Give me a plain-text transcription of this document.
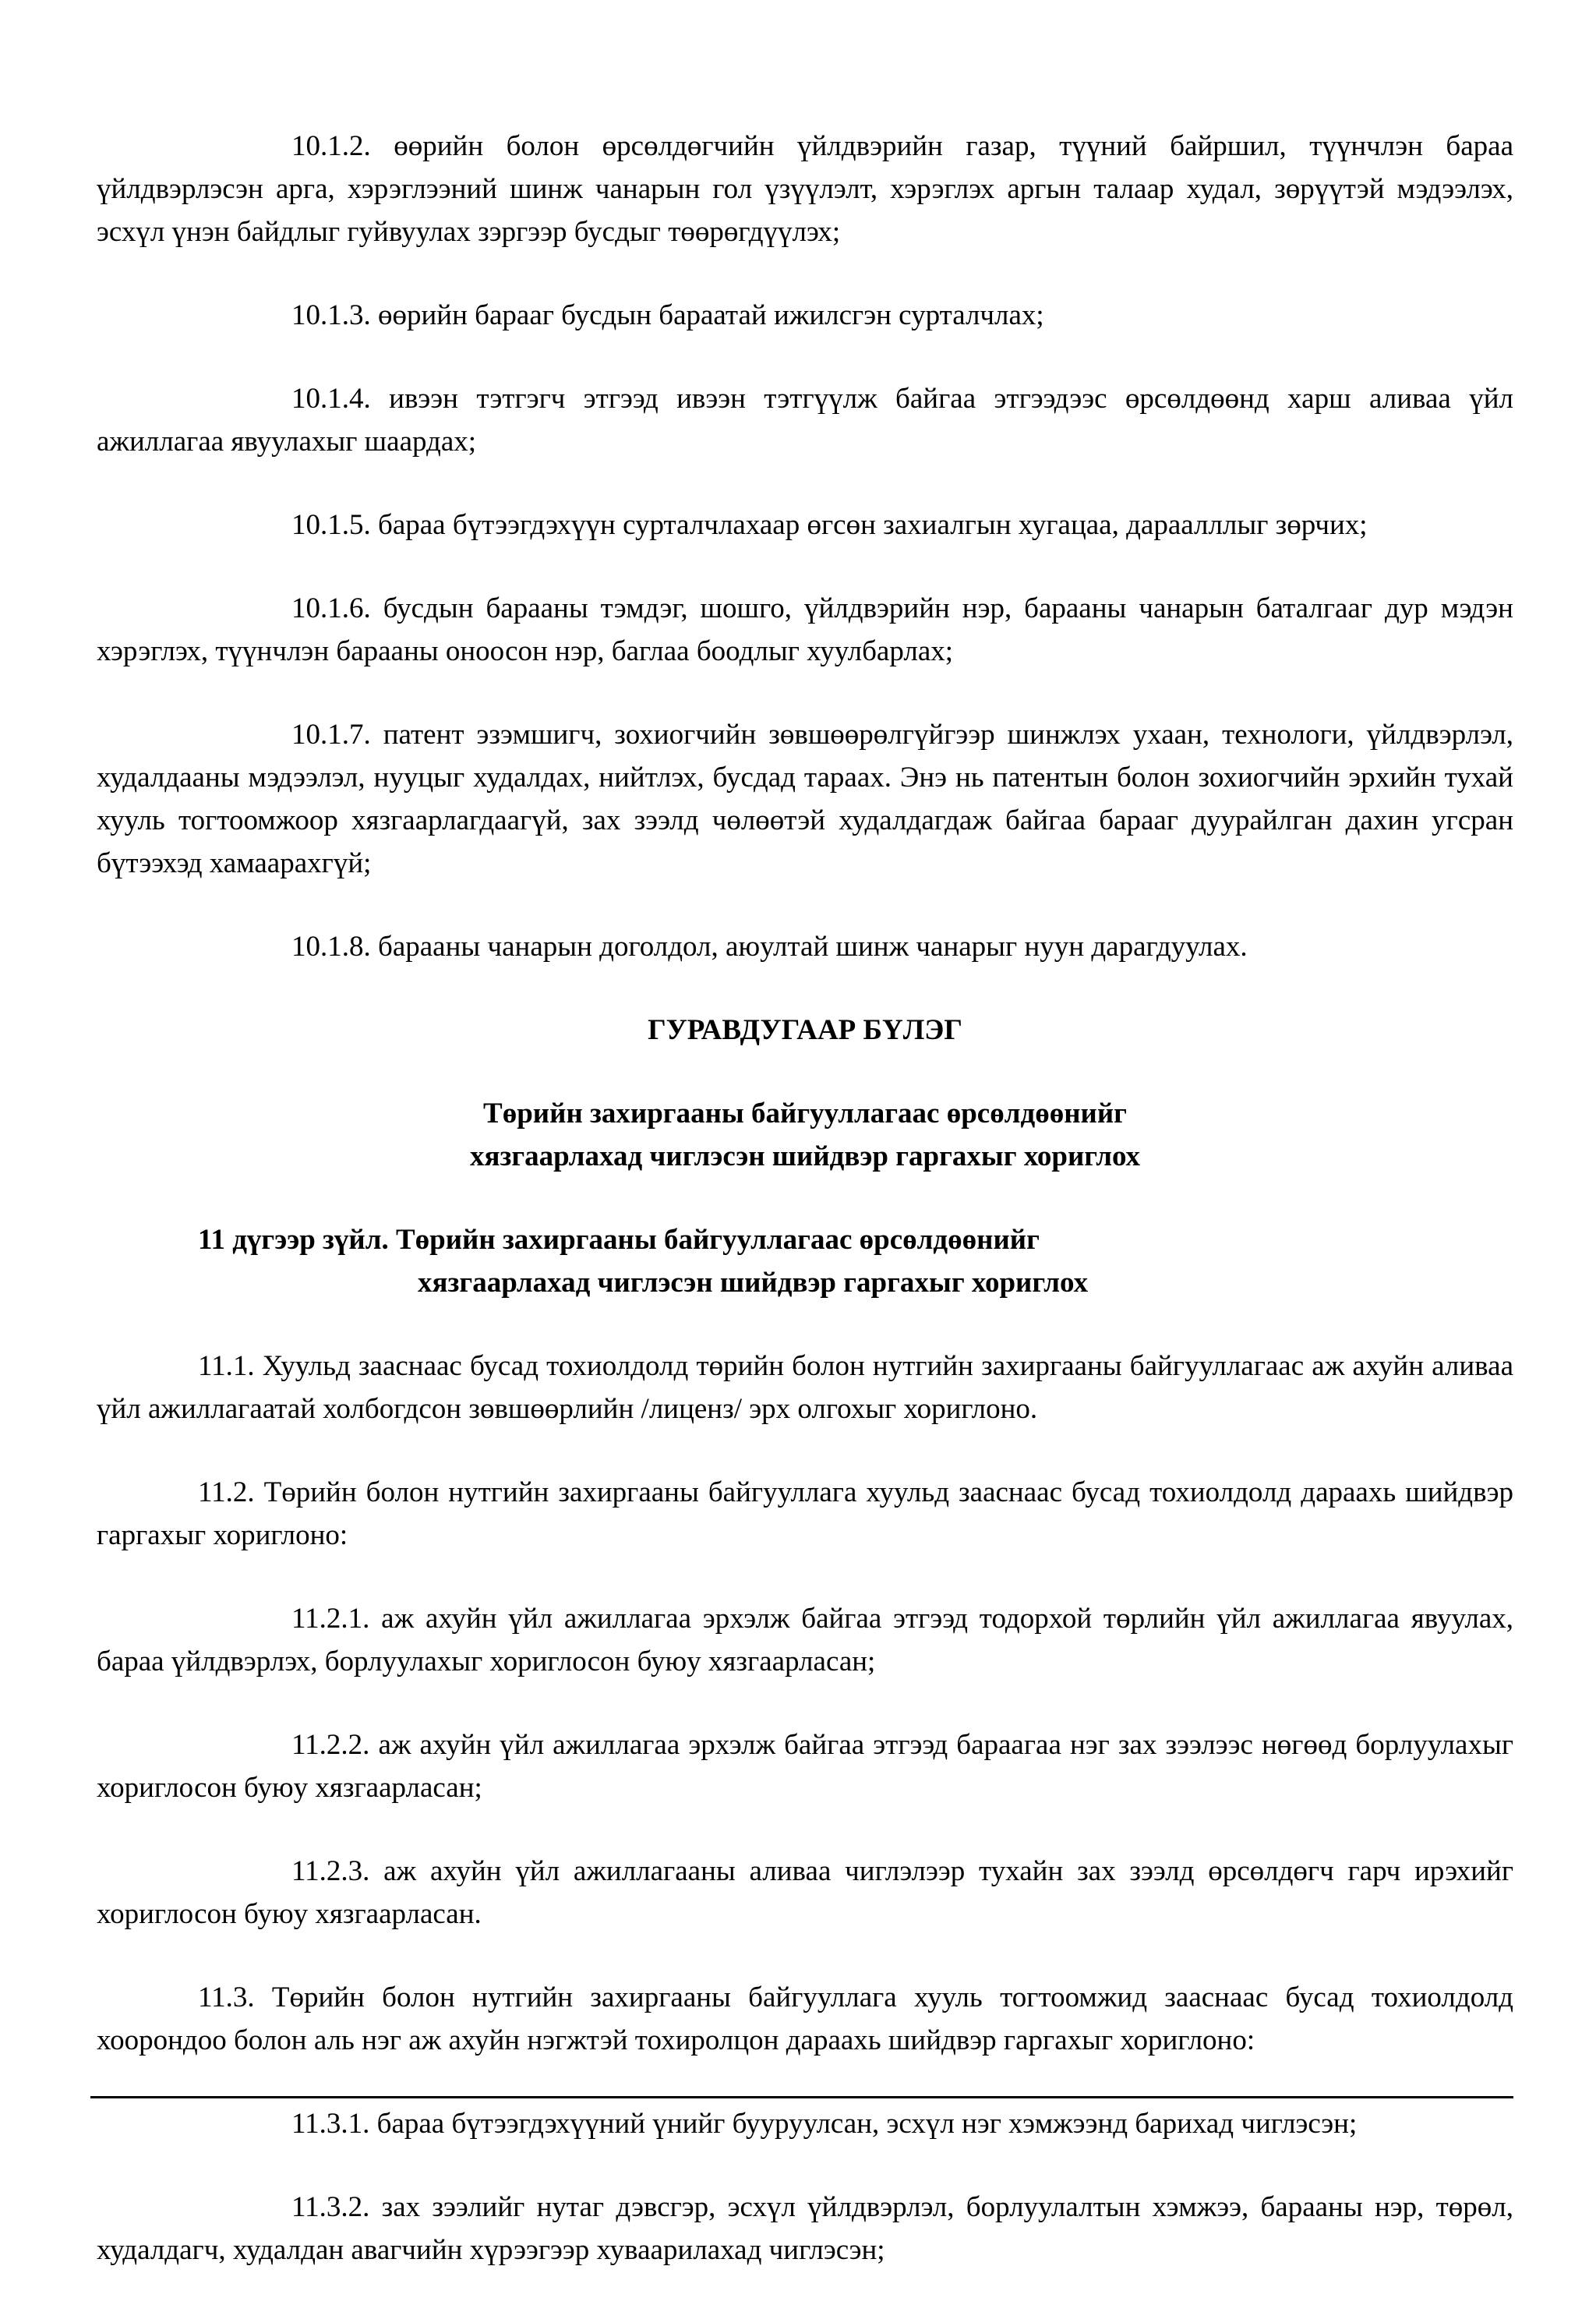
10.1.2. өөрийн болон өрсөлдөгчийн үйлдвэрийн газар, түүний байршил, түүнчлэн бараа үйлдвэрлэсэн арга, хэрэглээний шинж чанарын гол үзүүлэлт, хэрэглэх аргын талаар худал, зөрүүтэй мэдээлэх, эсхүл үнэн байдлыг гуйвуулах зэргээр бусдыг төөрөгдүүлэх;

10.1.3. өөрийн барааг бусдын бараатай ижилсгэн сурталчлах;

10.1.4. ивээн тэтгэгч этгээд ивээн тэтгүүлж байгаа этгээдээс өрсөлдөөнд харш аливаа үйл ажиллагаа явуулахыг шаардах;

10.1.5. бараа бүтээгдэхүүн сурталчлахаар өгсөн захиалгын хугацаа, дараалллыг зөрчих;

10.1.6. бусдын барааны тэмдэг, шошго, үйлдвэрийн нэр, барааны чанарын баталгааг дур мэдэн хэрэглэх, түүнчлэн барааны оноосон нэр, баглаа боодлыг хуулбарлах;

10.1.7. патент эзэмшигч, зохиогчийн зөвшөөрөлгүйгээр шинжлэх ухаан, технологи, үйлдвэрлэл, худалдааны мэдээлэл, нууцыг худалдах, нийтлэх, бусдад тараах. Энэ нь патентын болон зохиогчийн эрхийн тухай хууль тогтоомжоор хязгаарлагдаагүй, зах зээлд чөлөөтэй худалдагдаж байгаа барааг дуурайлган дахин угсран бүтээхэд хамаарахгүй;

10.1.8. барааны чанарын доголдол, аюултай шинж чанарыг нуун дарагдуулах.

ГУРАВДУГААР БҮЛЭГ
Төрийн захиргааны байгууллагаас өрсөлдөөнийг
хязгаарлахад чиглэсэн шийдвэр гаргахыг хориглох
11 дүгээр зүйл. Төрийн захиргааны байгууллагаас өрсөлдөөнийг
хязгаарлахад чиглэсэн шийдвэр гаргахыг хориглох

11.1. Хуульд зааснаас бусад тохиолдолд төрийн болон нутгийн захиргааны байгууллагаас аж ахуйн аливаа үйл ажиллагаатай холбогдсон зөвшөөрлийн /лиценз/ эрх олгохыг хориглоно.

11.2. Төрийн болон нутгийн захиргааны байгууллага хуульд зааснаас бусад тохиолдолд дараахь шийдвэр гаргахыг хориглоно:

11.2.1. аж ахуйн үйл ажиллагаа эрхэлж байгаа этгээд тодорхой төрлийн үйл ажиллагаа явуулах, бараа үйлдвэрлэх, борлуулахыг хориглосон буюу хязгаарласан;

11.2.2. аж ахуйн үйл ажиллагаа эрхэлж байгаа этгээд бараагаа нэг зах зээлээс нөгөөд борлуулахыг хориглосон буюу хязгаарласан;

11.2.3. аж ахуйн үйл ажиллагааны аливаа чиглэлээр тухайн зах зээлд өрсөлдөгч гарч ирэхийг хориглосон буюу хязгаарласан.

11.3. Төрийн болон нутгийн захиргааны байгууллага хууль тогтоомжид зааснаас бусад тохиолдолд хоорондоо болон аль нэг аж ахуйн нэгжтэй тохиролцон дараахь шийдвэр гаргахыг хориглоно:

11.3.1. бараа бүтээгдэхүүний үнийг бууруулсан, эсхүл нэг хэмжээнд барихад чиглэсэн;

11.3.2. зах зээлийг нутаг дэвсгэр, эсхүл үйлдвэрлэл, борлуулалтын хэмжээ, барааны нэр, төрөл, худалдагч, худалдан авагчийн хүрээгээр хуваарилахад чиглэсэн;
